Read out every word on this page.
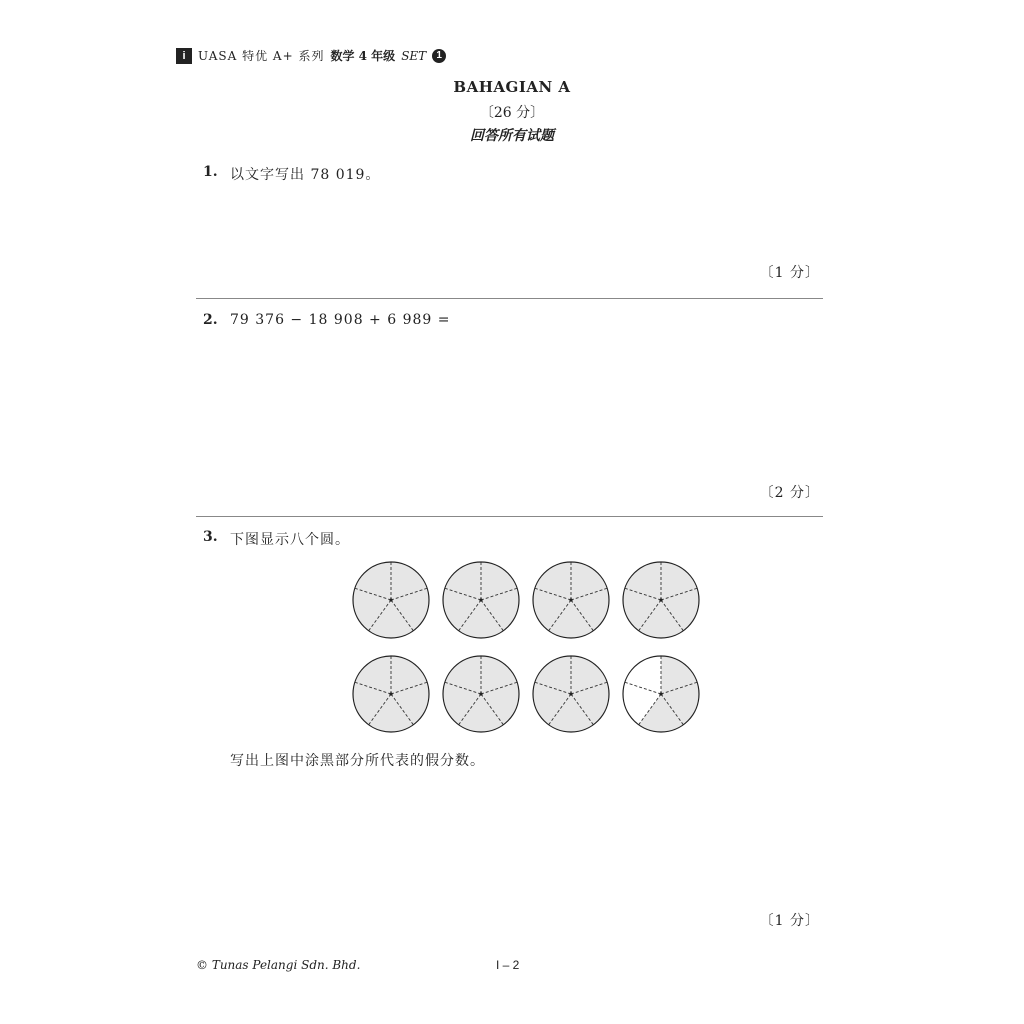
i	UASA 特优 A+ 系列 数学 4 年级 SET	1
BAHAGIAN A
〔26 分〕
回答所有试题
1. 以文字写出 78 019。
〔1 分〕
2. 79 376 − 18 908 + 6 989 =
〔2 分〕
3. 下图显示八个圆。
写出上图中涂黑部分所代表的假分数。
〔1 分〕
© Tunas Pelangi Sdn. Bhd.	I – 2
